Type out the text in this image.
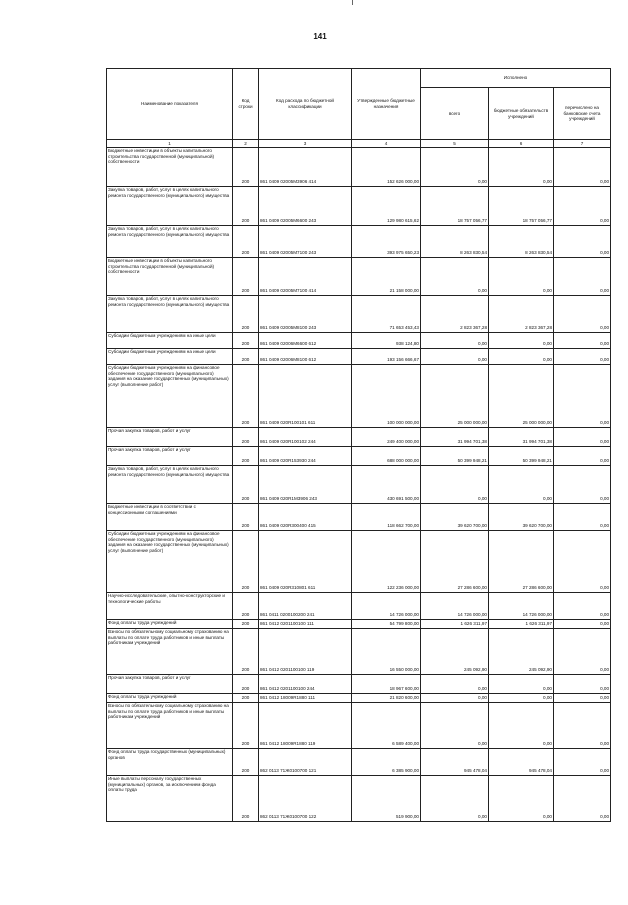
141
Наименование показателя	Код строки	Код расхода по бюджетной классификации	Утвержденные бюджетные назначения	Исполнено		
				всего	бюджетные обязательств учреждений	перечислено на банковские счета учреждений
1	2	3	4	5	6	7
Бюджетные инвестиции в объекты капитального строительства государственной (муниципальной) собственности	200	861 0409 02005М3906 414	152 626 000,00	0,00	0,00	0,00
Закупка товаров, работ, услуг в целях капитального ремонта государственного (муниципального) имущества	200	861 0409 02005М6600 243	129 980 615,62	18 757 056,77	18 757 056,77	0,00
Закупка товаров, работ, услуг в целях капитального ремонта государственного (муниципального) имущества	200	861 0409 02005М7100 243	393 975 650,23	8 263 830,54	8 263 830,54	0,00
Бюджетные инвестиции в объекты капитального строительства государственной (муниципальной) собственности	200	861 0409 02005М7100 414	21 158 000,00	0,00	0,00	0,00
Закупка товаров, работ, услуг в целях капитального ремонта государственного (муниципального) имущества	200	861 0409 02005М8100 243	71 653 453,43	2 823 367,28	2 823 367,28	0,00
Субсидии бюджетным учреждениям на иные цели	200	861 0409 02006М6600 612	938 124,80	0,00	0,00	0,00
Субсидии бюджетным учреждениям на иные цели	200	861 0409 02006М8100 612	193 156 666,67	0,00	0,00	0,00
Субсидии бюджетным учреждениям на финансовое обеспечение государственного (муниципального) задания на оказание государственных (муниципальных) услуг (выполнение работ)	200	861 0409 020R100101 611	100 000 000,00	25 000 000,00	25 000 000,00	0,00
Прочая закупка товаров, работ и услуг	200	861 0409 020R100102 244	249 400 000,00	31 994 701,38	31 994 701,38	0,00
Прочая закупка товаров, работ и услуг	200	861 0409 020R153930 244	688 000 000,00	50 399 948,21	50 399 948,21	0,00
Закупка товаров, работ, услуг в целях капитального ремонта государственного (муниципального) имущества	200	861 0409 020R1М3906 243	430 691 500,00	0,00	0,00	0,00
Бюджетные инвестиции в соответствии с концессионными соглашениями	200	861 0409 020R300400 415	118 662 700,00	39 620 700,00	39 620 700,00	0,00
Субсидии бюджетным учреждениям на финансовое обеспечение государственного (муниципального) задания на оказание государственных (муниципальных) услуг (выполнение работ)	200	861 0409 020R310801 611	122 236 000,00	27 286 600,00	27 286 600,00	0,00
Научно-исследовательские, опытно-конструкторские и технологические работы	200	861 0411 0200100200 241	14 726 000,00	14 726 000,00	14 726 000,00	0,00
Фонд оплаты труда учреждений	200	861 0412 0201100100 111	54 799 800,00	1 626 311,97	1 626 311,97	0,00
Взносы по обязательному социальному страхованию на выплаты по оплате труда работников и иные выплаты работникам учреждений	200	861 0412 0201100100 119	16 550 000,00	245 092,90	245 092,90	0,00
Прочая закупка товаров, работ и услуг	200	861 0412 0201100100 244	18 967 600,00	0,00	0,00	0,00
Фонд оплаты труда учреждений	200	861 0412 18009R1880 111	21 820 600,00	0,00	0,00	0,00
Взносы по обязательному социальному страхованию на выплаты по оплате труда работников и иные выплаты работникам учреждений	200	861 0412 18009R1880 119	6 589 400,00	0,00	0,00	0,00
Фонд оплаты труда государственных (муниципальных) органов	200	862 0113 71Ж0100700 121	6 385 900,00	945 478,04	945 478,04	0,00
Иные выплаты персоналу государственных (муниципальных) органов, за исключением фонда оплаты труда	200	862 0113 71Ж0100700 122	519 900,00	0,00	0,00	0,00
